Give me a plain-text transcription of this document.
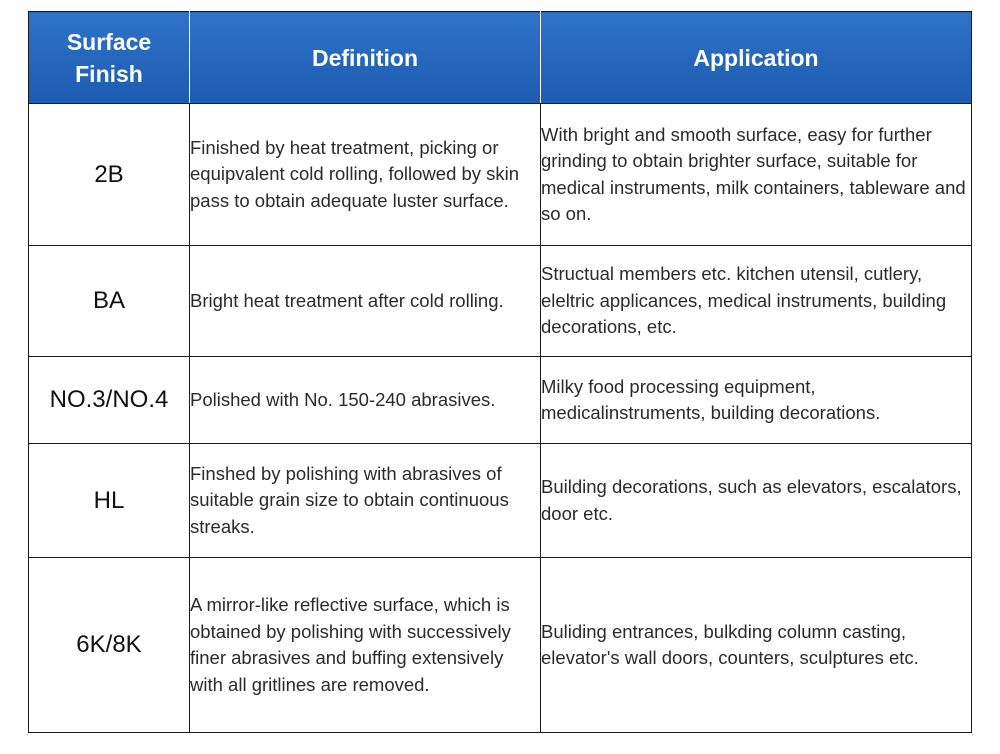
Surface
Finish	Definition	Application
2B	Finished by heat treatment, picking or equipvalent cold rolling, followed by skin pass to obtain adequate luster surface.	With bright and smooth surface, easy for further grinding to obtain brighter surface, suitable for medical instruments, milk containers, tableware and so on.
BA	Bright heat treatment after cold rolling.	Structual members etc. kitchen utensil, cutlery, eleltric applicances, medical instruments, building decorations, etc.
NO.3/NO.4	Polished with No. 150-240 abrasives.	Milky food processing equipment, medicalinstruments, building decorations.
HL	Finshed by polishing with abrasives of suitable grain size to obtain continuous streaks.	Building decorations, such as elevators, escalators, door etc.
6K/8K	A mirror-like reflective surface, which is obtained by polishing with successively finer abrasives and buffing extensively with all gritlines are removed.	Buliding entrances, bulkding column casting, elevator's wall doors, counters, sculptures etc.
